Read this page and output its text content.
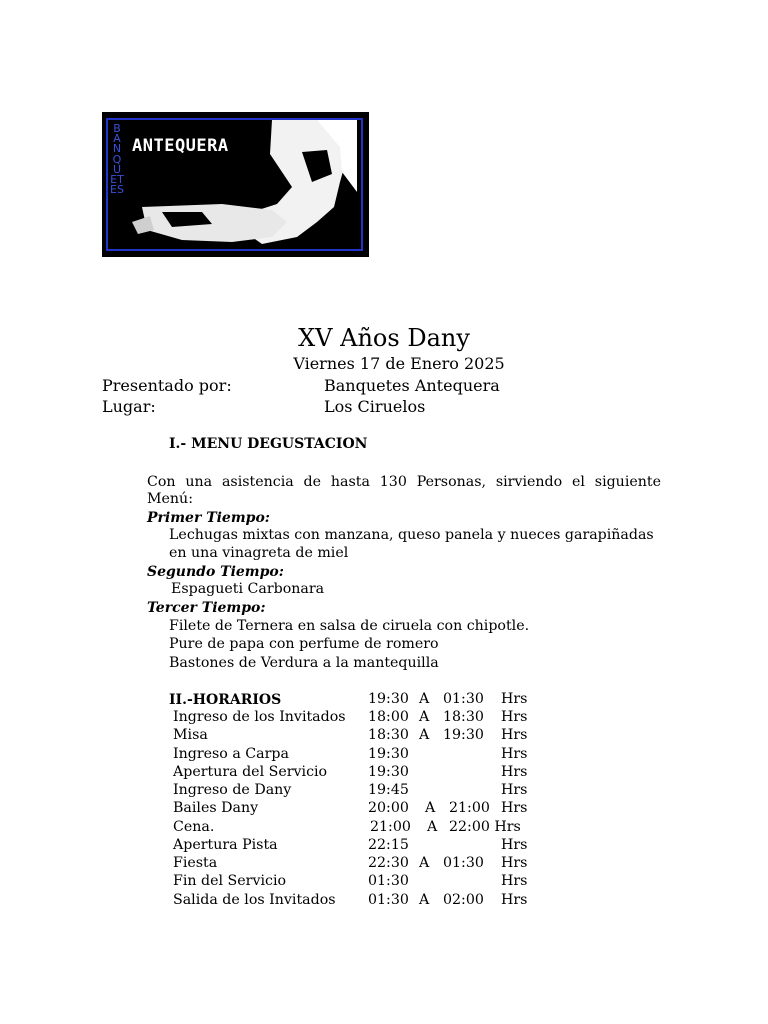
BANQUETES
ANTEQUERA
XV Años Dany
Viernes 17 de Enero 2025
Presentado por:	Banquetes Antequera
Lugar:	Los Ciruelos
I.- MENU DEGUSTACION
Con una asistencia de hasta 130 Personas, sirviendo el siguiente
Menú:
Primer Tiempo:
Lechugas mixtas con manzana, queso panela y nueces garapiñadas
en una vinagreta de miel
Segundo Tiempo:
Espagueti Carbonara
Tercer Tiempo:
Filete de Ternera en salsa de ciruela con chipotle.
Pure de papa con perfume de romero
Bastones de Verdura a la mantequilla
II.-HORARIOS	19:30 A 01:30 Hrs
Ingreso de los Invitados 18:00 A 18:30 Hrs
Misa	18:30 A 19:30 Hrs
Ingreso a Carpa	19:30	Hrs
Apertura del Servicio	19:30	Hrs
Ingreso de Dany	19:45	Hrs
Bailes Dany	20:00 A 21:00 Hrs
Cena.	21:00 A 22:00 Hrs
Apertura Pista	22:15	Hrs
Fiesta	22:30 A 01:30 Hrs
Fin del Servicio	01:30	Hrs
Salida de los Invitados 01:30 A 02:00 Hrs
